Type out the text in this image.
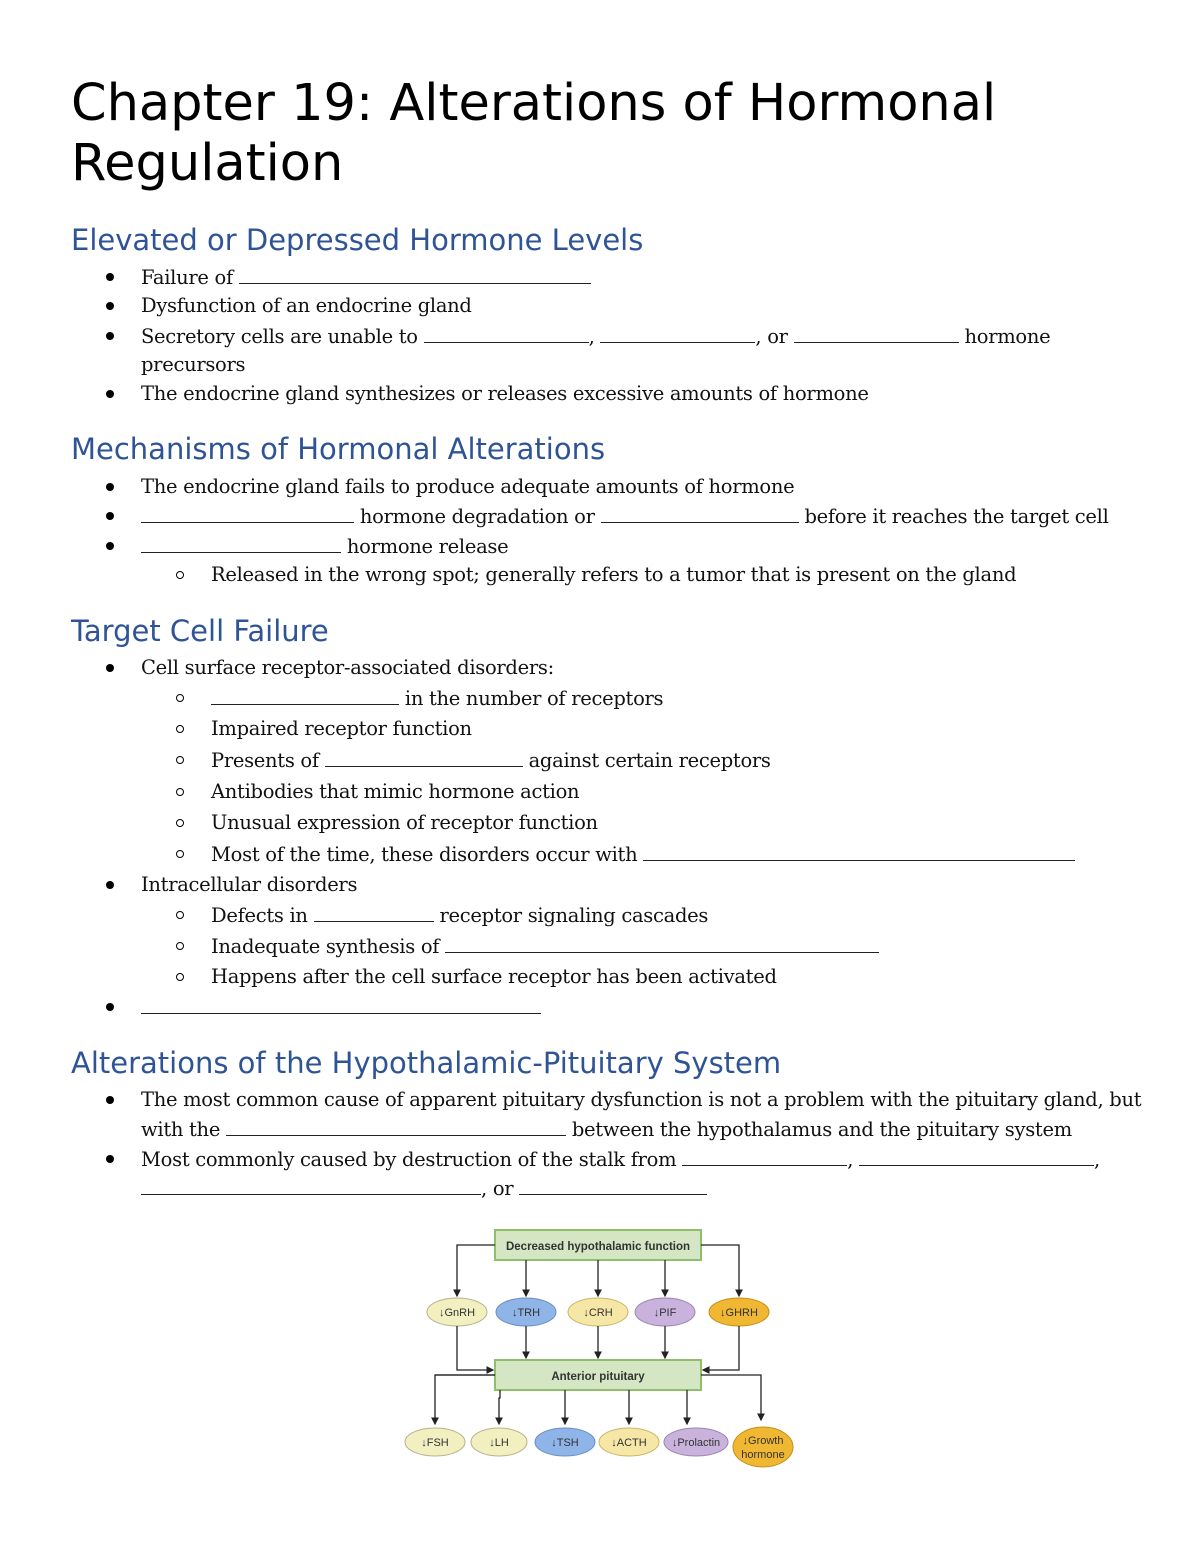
Chapter 19: Alterations of Hormonal Regulation
Elevated or Depressed Hormone Levels
Failure of
Dysfunction of an endocrine gland
Secretory cells are unable to	,	, or	hormone
precursors
The endocrine gland synthesizes or releases excessive amounts of hormone
Mechanisms of Hormonal Alterations
The endocrine gland fails to produce adequate amounts of hormone
hormone degradation or	before it reaches the target cell
hormone release
Released in the wrong spot; generally refers to a tumor that is present on the gland
Target Cell Failure
Cell surface receptor-associated disorders:
in the number of receptors
Impaired receptor function
Presents of	against certain receptors
Antibodies that mimic hormone action
Unusual expression of receptor function
Most of the time, these disorders occur with
Intracellular disorders
Defects in	receptor signaling cascades
Inadequate synthesis of
Happens after the cell surface receptor has been activated
Alterations of the Hypothalamic-Pituitary System
The most common cause of apparent pituitary dysfunction is not a problem with the pituitary gland, but
with the	between the hypothalamus and the pituitary system
Most commonly caused by destruction of the stalk from	,	,
, or
Decreased hypothalamic function
↓GnRH	↓TRH	↓CRH	↓PIF	↓GHRH
Anterior pituitary
↓FSH	↓LH	↓TSH	↓ACTH ↓Prolactin ↓Growth
hormone
